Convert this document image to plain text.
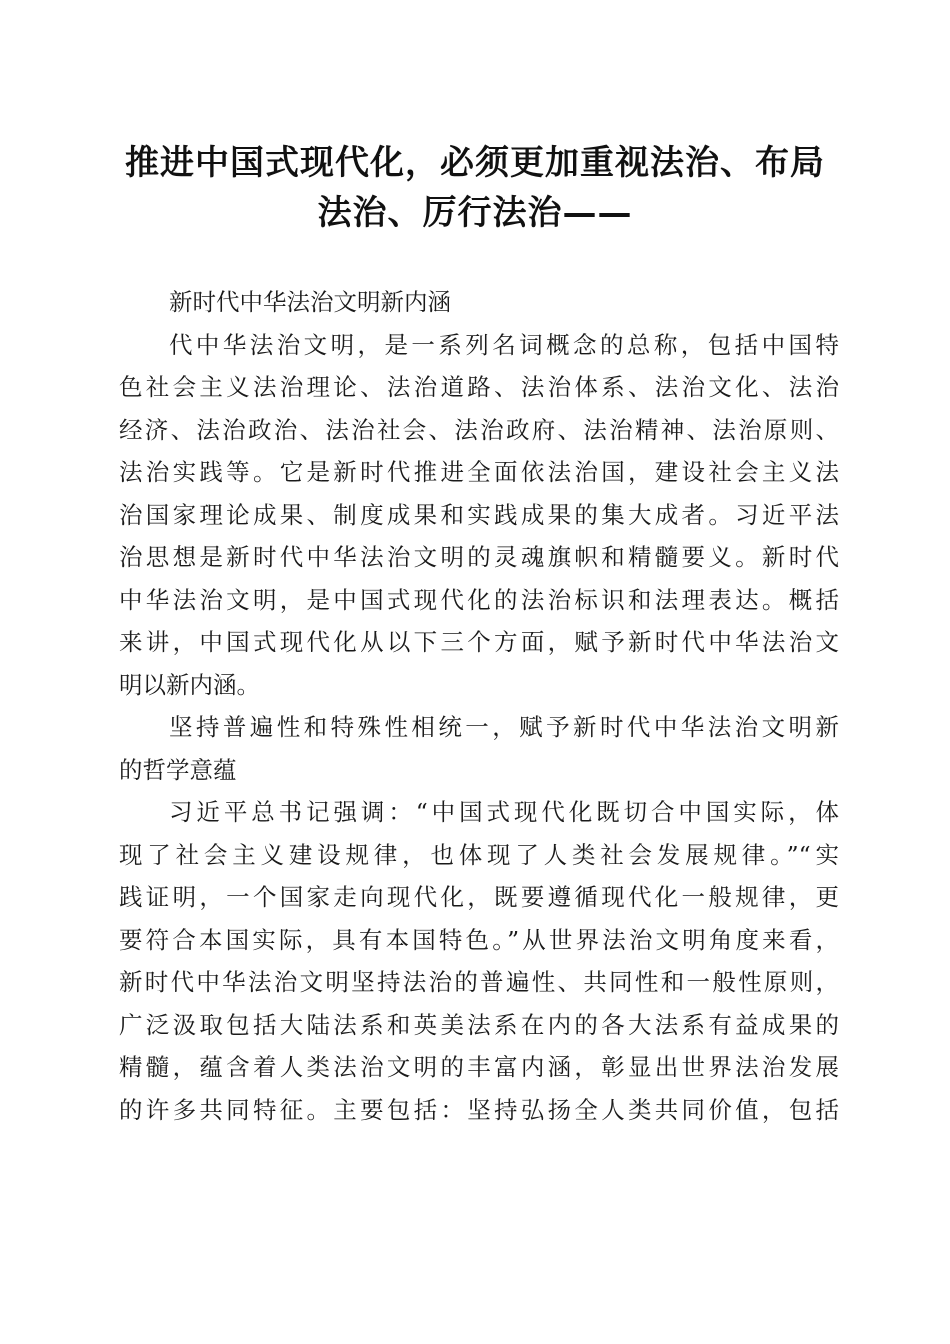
推进中国式现代化，必须更加重视法治、布局
法治、厉行法治——
新时代中华法治文明新内涵
代中华法治文明，是一系列名词概念的总称，包括中国特
色社会主义法治理论、法治道路、法治体系、法治文化、法治
经济、法治政治、法治社会、法治政府、法治精神、法治原则、
法治实践等。它是新时代推进全面依法治国，建设社会主义法
治国家理论成果、制度成果和实践成果的集大成者。习近平法
治思想是新时代中华法治文明的灵魂旗帜和精髓要义。新时代
中华法治文明，是中国式现代化的法治标识和法理表达。概括
来讲，中国式现代化从以下三个方面，赋予新时代中华法治文
明以新内涵。
坚持普遍性和特殊性相统一，赋予新时代中华法治文明新
的哲学意蕴
习近平总书记强调：“中国式现代化既切合中国实际，体
现了社会主义建设规律，也体现了人类社会发展规律。”“实
践证明，一个国家走向现代化，既要遵循现代化一般规律，更
要符合本国实际，具有本国特色。”从世界法治文明角度来看，
新时代中华法治文明坚持法治的普遍性、共同性和一般性原则，
广泛汲取包括大陆法系和英美法系在内的各大法系有益成果的
精髓，蕴含着人类法治文明的丰富内涵，彰显出世界法治发展
的许多共同特征。主要包括：坚持弘扬全人类共同价值，包括
